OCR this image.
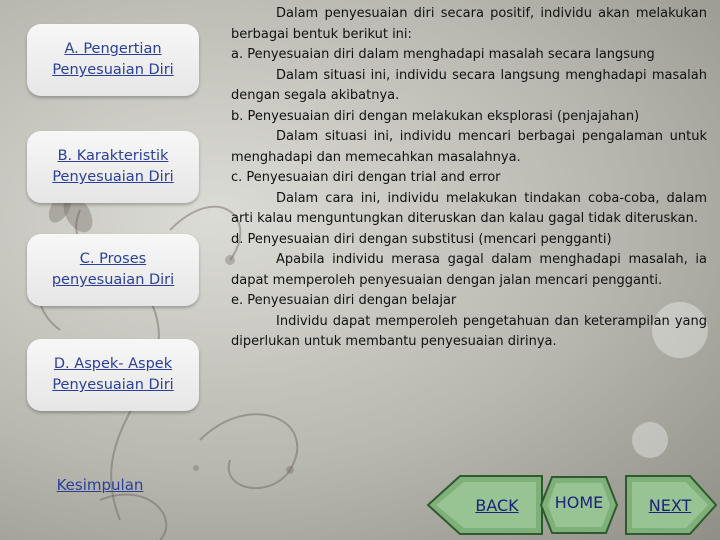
A. Pengertian
Penyesuaian Diri
B. Karakteristik
Penyesuaian Diri
C. Proses
penyesuaian Diri
D. Aspek- Aspek
Penyesuaian Diri
Kesimpulan

Dalam penyesuaian diri secara positif, individu akan melakukan berbagai bentuk berikut ini:

a. Penyesuaian diri dalam menghadapi masalah secara langsung

Dalam situasi ini, individu secara langsung menghadapi masalah dengan segala akibatnya.

b. Penyesuaian diri dengan melakukan eksplorasi (penjajahan)

Dalam situasi ini, individu mencari berbagai pengalaman untuk menghadapi dan memecahkan masalahnya.

c. Penyesuaian diri dengan trial and error

Dalam cara ini, individu melakukan tindakan coba-coba, dalam arti kalau menguntungkan diteruskan dan kalau gagal tidak diteruskan.

d. Penyesuaian diri dengan substitusi (mencari pengganti)

Apabila individu merasa gagal dalam menghadapi masalah, ia dapat memperoleh penyesuaian dengan jalan mencari pengganti.

e. Penyesuaian diri dengan belajar

Individu dapat memperoleh pengetahuan dan keterampilan yang diperlukan untuk membantu penyesuaian dirinya.

BACK HOME	NEXT
